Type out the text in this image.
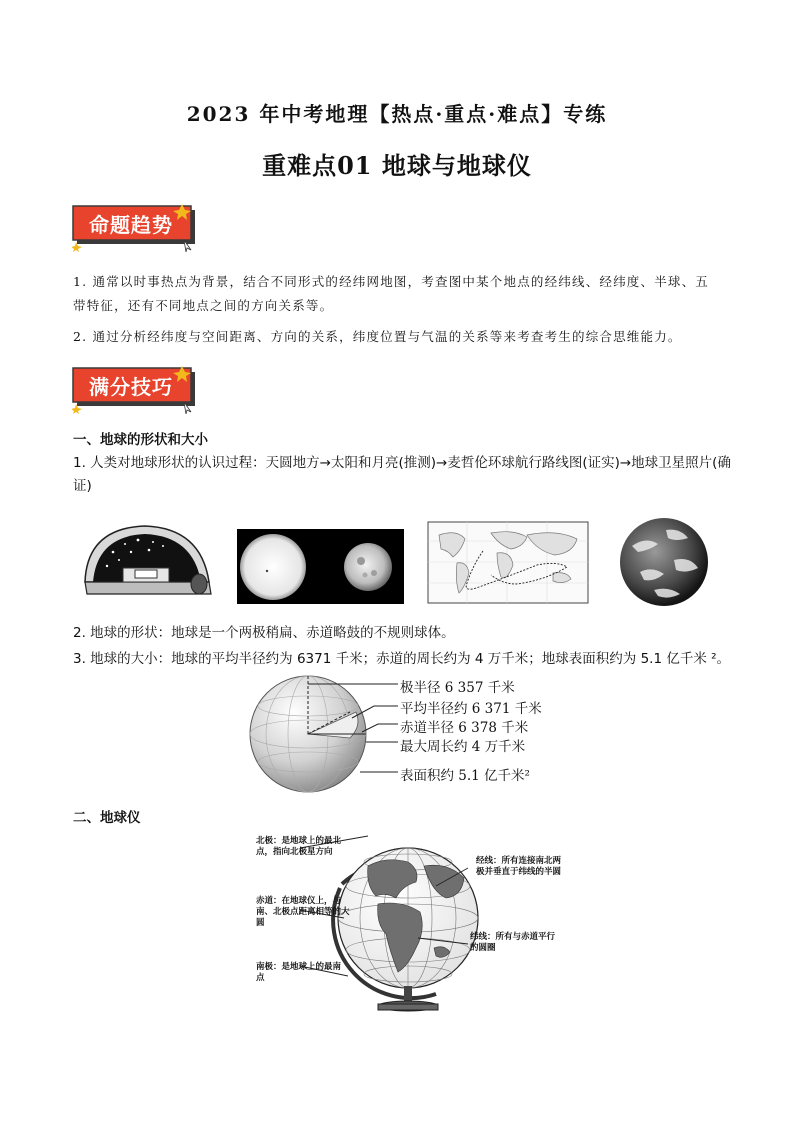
2023 年中考地理【热点·重点·难点】专练
重难点01 地球与地球仪
命题趋势
1. 通常以时事热点为背景，结合不同形式的经纬网地图，考查图中某个地点的经纬线、经纬度、半球、五带特征，还有不同地点之间的方向关系等。
2. 通过分析经纬度与空间距离、方向的关系，纬度位置与气温的关系等来考查考生的综合思维能力。
满分技巧
一、地球的形状和大小
1. 人类对地球形状的认识过程：天圆地方→太阳和月亮(推测)→麦哲伦环球航行路线图(证实)→地球卫星照片(确证)
2. 地球的形状：地球是一个两极稍扁、赤道略鼓的不规则球体。
3. 地球的大小：地球的平均半径约为 6371 千米；赤道的周长约为 4 万千米；地球表面积约为 5.1 亿千米 ²。
极半径 6 357 千米
平均半径约 6 371 千米
赤道半径 6 378 千米
最大周长约 4 万千米
表面积约 5.1 亿千米²
二、地球仪
北极：是地球上的最北点，指向北极星方向
赤道：在地球仪上，与南、北极点距离相等的大圆
南极：是地球上的最南点
经线：所有连接南北两极并垂直于纬线的半圆
纬线：所有与赤道平行的圆圈
